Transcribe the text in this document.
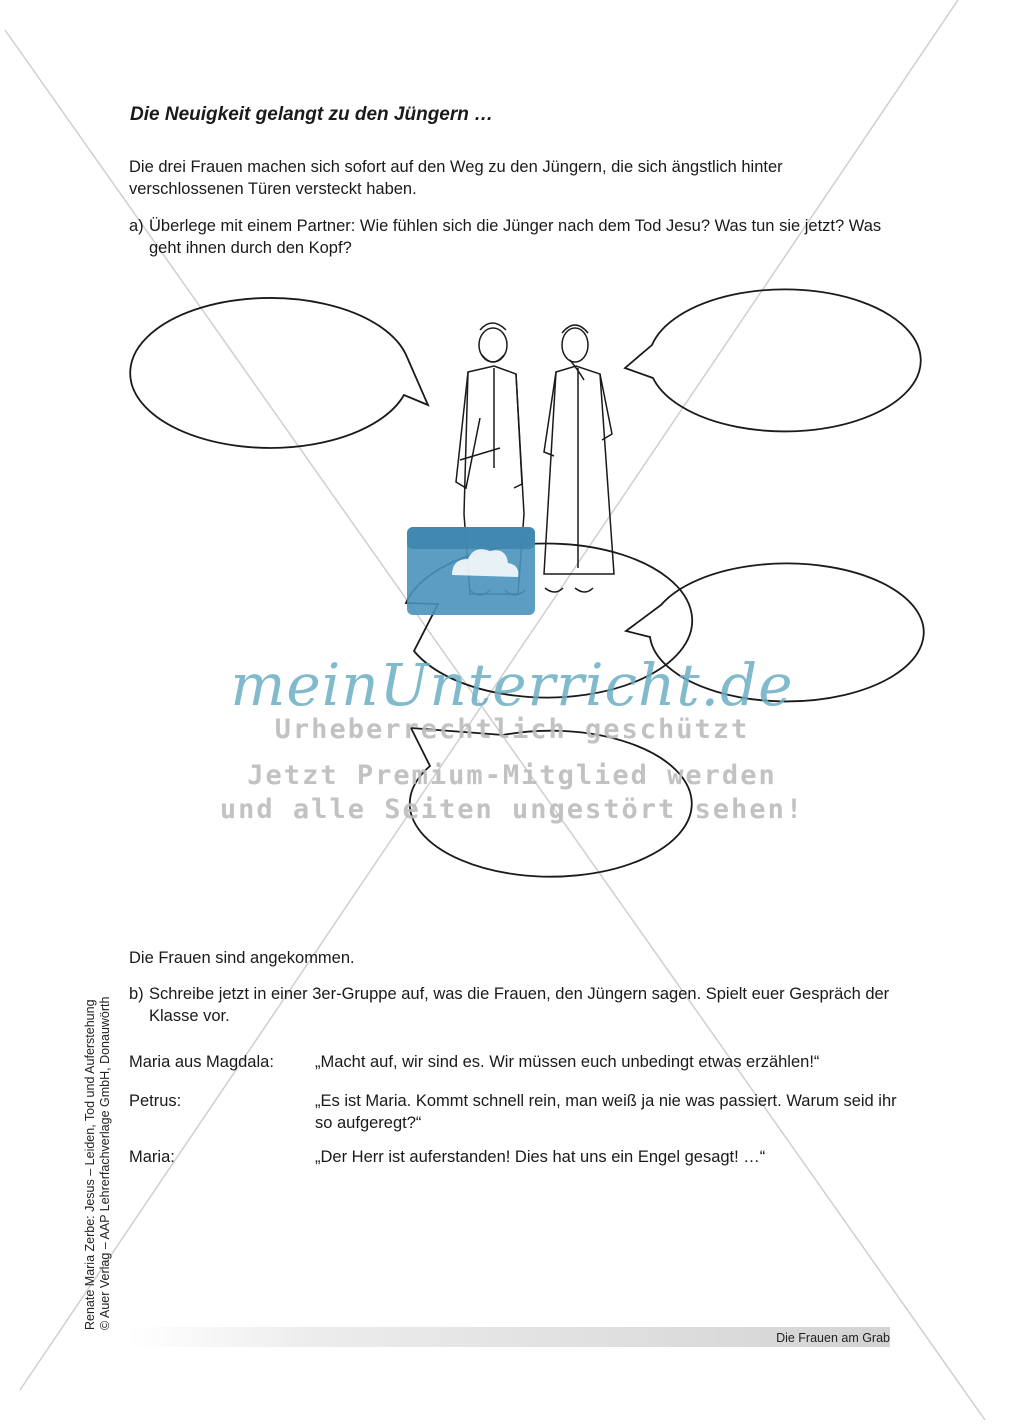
Die Neuigkeit gelangt zu den Jüngern …
Die drei Frauen machen sich sofort auf den Weg zu den Jüngern, die sich ängstlich hinter verschlossenen Türen versteckt haben.
a) Überlege mit einem Partner: Wie fühlen sich die Jünger nach dem Tod Jesu? Was tun sie jetzt? Was geht ihnen durch den Kopf?
meinUnterricht.de
Urheberrechtlich geschützt
Jetzt Premium-Mitglied werden
und alle Seiten ungestört sehen!
Die Frauen sind angekommen.
b) Schreibe jetzt in einer 3er-Gruppe auf, was die Frauen, den Jüngern sagen. Spielt euer Gespräch der Klasse vor.
Maria aus Magdala:	„Macht auf, wir sind es. Wir müssen euch unbedingt etwas erzählen!“
Petrus:	„Es ist Maria. Kommt schnell rein, man weiß ja nie was passiert. Warum seid ihr so aufgeregt?“
Maria:	„Der Herr ist auferstanden! Dies hat uns ein Engel gesagt! …“
Renate Maria Zerbe: Jesus – Leiden, Tod und Auferstehung © Auer Verlag – AAP Lehrerfachverlage GmbH, Donauwörth
Die Frauen am Grab
